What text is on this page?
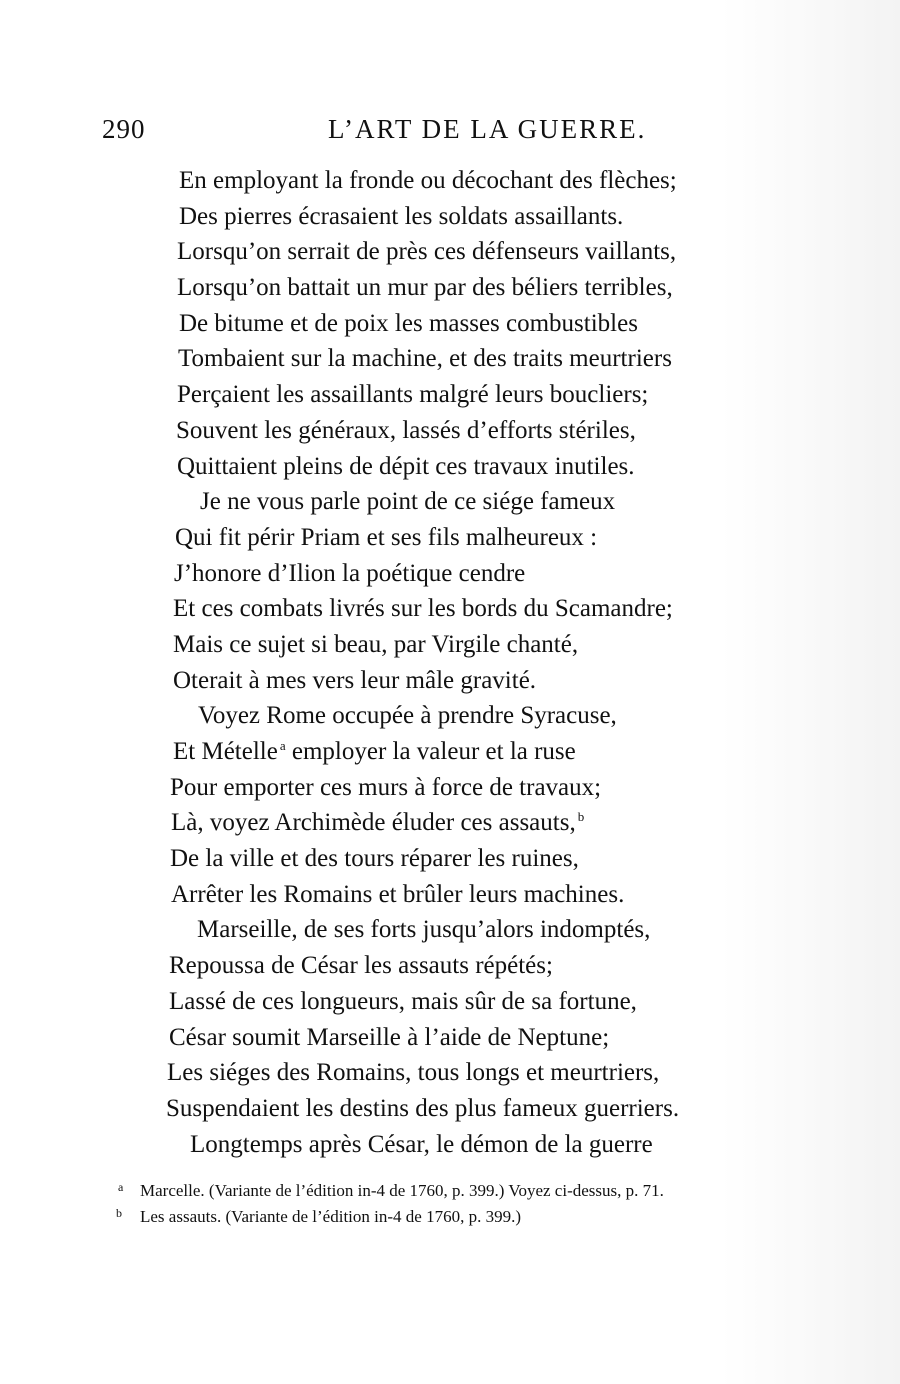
290	L’ART DE LA GUERRE.
En employant la fronde ou décochant des flèches;
Des pierres écrasaient les soldats assaillants.
Lorsqu’on serrait de près ces défenseurs vaillants,
Lorsqu’on battait un mur par des béliers terribles,
De bitume et de poix les masses combustibles
Tombaient sur la machine, et des traits meurtriers
Perçaient les assaillants malgré leurs boucliers;
Souvent les généraux, lassés d’efforts stériles,
Quittaient pleins de dépit ces travaux inutiles.
Je ne vous parle point de ce siége fameux
Qui fit périr Priam et ses fils malheureux :
J’honore d’Ilion la poétique cendre
Et ces combats livrés sur les bords du Scamandre;
Mais ce sujet si beau, par Virgile chanté,
Oterait à mes vers leur mâle gravité.
Voyez Rome occupée à prendre Syracuse,
Et Mételle $^a$ employer la valeur et la ruse
Pour emporter ces murs à force de travaux;
Là, voyez Archimède éluder ces assauts, $^b$
De la ville et des tours réparer les ruines,
Arrêter les Romains et brûler leurs machines.
Marseille, de ses forts jusqu’alors indomptés,
Repoussa de César les assauts répétés;
Lassé de ces longueurs, mais sûr de sa fortune,
César soumit Marseille à l’aide de Neptune;
Les siéges des Romains, tous longs et meurtriers,
Suspendaient les destins des plus fameux guerriers.
Longtemps après César, le démon de la guerre
a Marcelle. (Variante de l’édition in-4 de 1760, p. 399.) Voyez ci-dessus, p. 71.
b Les assauts. (Variante de l’édition in-4 de 1760, p. 399.)
